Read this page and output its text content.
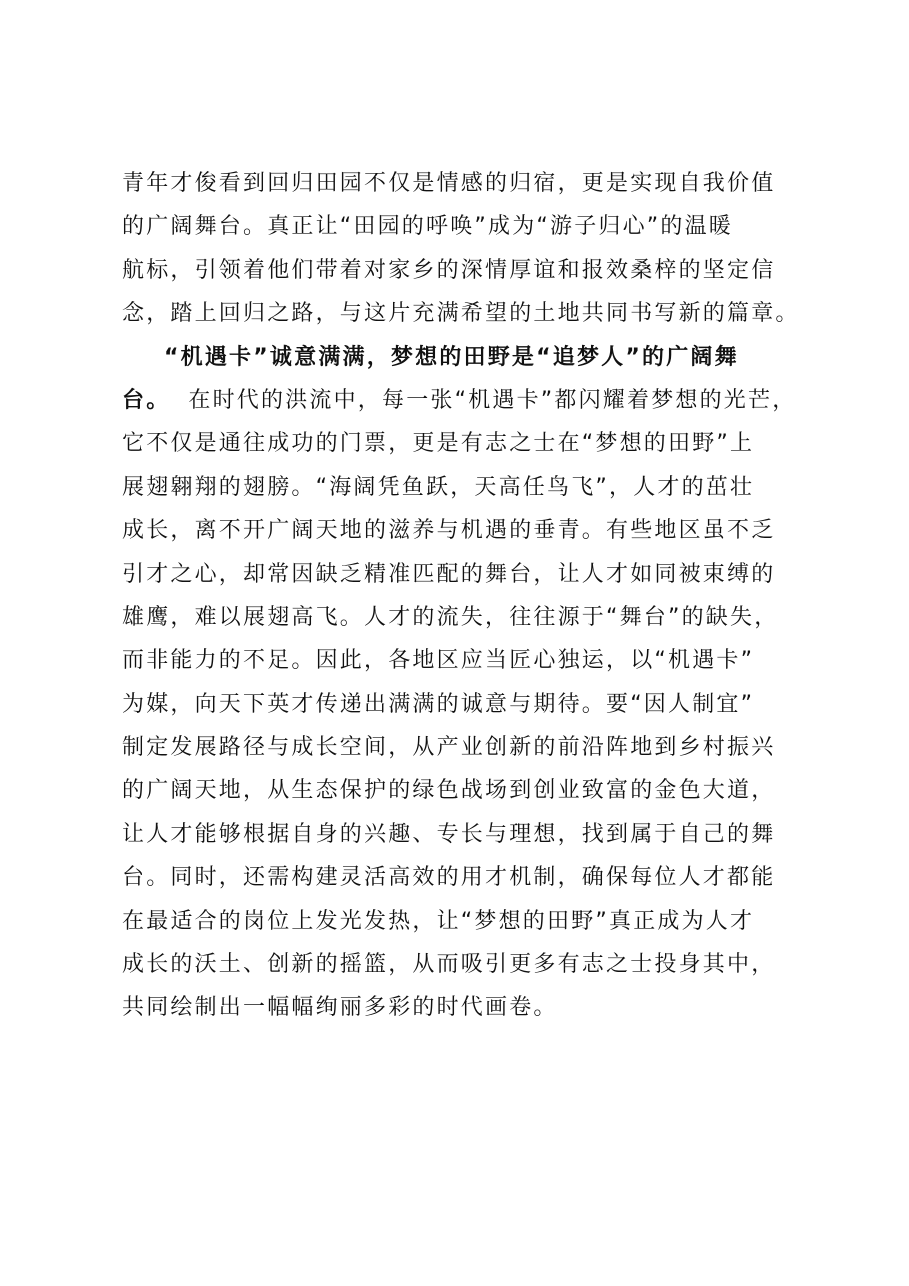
青年才俊看到回归田园不仅是情感的归宿，更是实现自我价值
的广阔舞台。真正让“田园的呼唤”成为“游子归心”的温暖
航标，引领着他们带着对家乡的深情厚谊和报效桑梓的坚定信
念，踏上回归之路，与这片充满希望的土地共同书写新的篇章。
“机遇卡”诚意满满，梦想的田野是“追梦人”的广阔舞
台。 在时代的洪流中，每一张“机遇卡”都闪耀着梦想的光芒，
它不仅是通往成功的门票，更是有志之士在“梦想的田野”上
展翅翱翔的翅膀。“海阔凭鱼跃，天高任鸟飞”，人才的茁壮
成长，离不开广阔天地的滋养与机遇的垂青。有些地区虽不乏
引才之心，却常因缺乏精准匹配的舞台，让人才如同被束缚的
雄鹰，难以展翅高飞。人才的流失，往往源于“舞台”的缺失，
而非能力的不足。因此，各地区应当匠心独运，以“机遇卡”
为媒，向天下英才传递出满满的诚意与期待。要“因人制宜”
制定发展路径与成长空间，从产业创新的前沿阵地到乡村振兴
的广阔天地，从生态保护的绿色战场到创业致富的金色大道，
让人才能够根据自身的兴趣、专长与理想，找到属于自己的舞
台。同时，还需构建灵活高效的用才机制，确保每位人才都能
在最适合的岗位上发光发热，让“梦想的田野”真正成为人才
成长的沃土、创新的摇篮，从而吸引更多有志之士投身其中，
共同绘制出一幅幅绚丽多彩的时代画卷。
